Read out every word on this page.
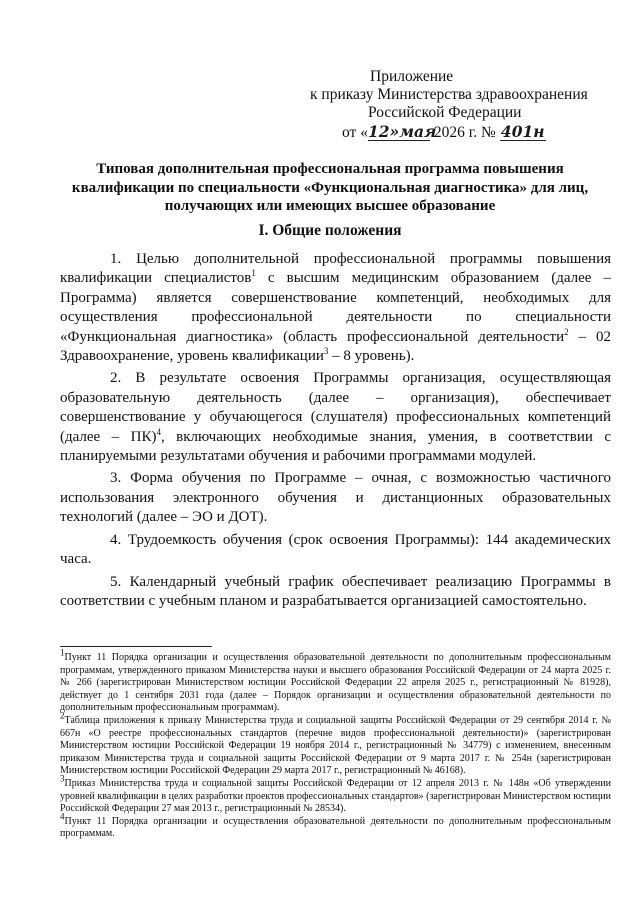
Приложение
к приказу Министерства здравоохранения
Российской Федерации
от «12»мая 2026 г. № 401н
Типовая дополнительная профессиональная программа повышения квалификации по специальности «Функциональная диагностика» для лиц, получающих или имеющих высшее образование
I. Общие положения

1. Целью дополнительной профессиональной программы повышения квалификации специалистов$^1$ с высшим медицинским образованием (далее – Программа) является совершенствование компетенций, необходимых для осуществления профессиональной деятельности по специальности «Функциональная диагностика» (область профессиональной деятельности$^2$ – 02 Здравоохранение, уровень квалификации$^3$ – 8 уровень).

2. В результате освоения Программы организация, осуществляющая образовательную деятельность (далее – организация), обеспечивает совершенствование у обучающегося (слушателя) профессиональных компетенций (далее – ПК)$^4$, включающих необходимые знания, умения, в соответствии с планируемыми результатами обучения и рабочими программами модулей.

3. Форма обучения по Программе – очная, с возможностью частичного использования электронного обучения и дистанционных образовательных технологий (далее – ЭО и ДОТ).

4. Трудоемкость обучения (срок освоения Программы): 144 академических часа.

5. Календарный учебный график обеспечивает реализацию Программы в соответствии с учебным планом и разрабатывается организацией самостоятельно.

$^1$Пункт 11 Порядка организации и осуществления образовательной деятельности по дополнительным профессиональным программам, утвержденного приказом Министерства науки и высшего образования Российской Федерации от 24 марта 2025 г. № 266 (зарегистрирован Министерством юстиции Российской Федерации 22 апреля 2025 г., регистрационный № 81928), действует до 1 сентября 2031 года (далее – Порядок организации и осуществления образовательной деятельности по дополнительным профессиональным программам).

$^2$Таблица приложения к приказу Министерства труда и социальной защиты Российской Федерации от 29 сентября 2014 г. № 667н «О реестре профессиональных стандартов (перечне видов профессиональной деятельности)» (зарегистрирован Министерством юстиции Российской Федерации 19 ноября 2014 г., регистрационный № 34779) с изменением, внесенным приказом Министерства труда и социальной защиты Российской Федерации от 9 марта 2017 г. № 254н (зарегистрирован Министерством юстиции Российской Федерации 29 марта 2017 г., регистрационный № 46168).

$^3$Приказ Министерства труда и социальной защиты Российской Федерации от 12 апреля 2013 г. № 148н «Об утверждении уровней квалификации в целях разработки проектов профессиональных стандартов» (зарегистрирован Министерством юстиции Российской Федерации 27 мая 2013 г., регистрационный № 28534).

$^4$Пункт 11 Порядка организации и осуществления образовательной деятельности по дополнительным профессиональным программам.
